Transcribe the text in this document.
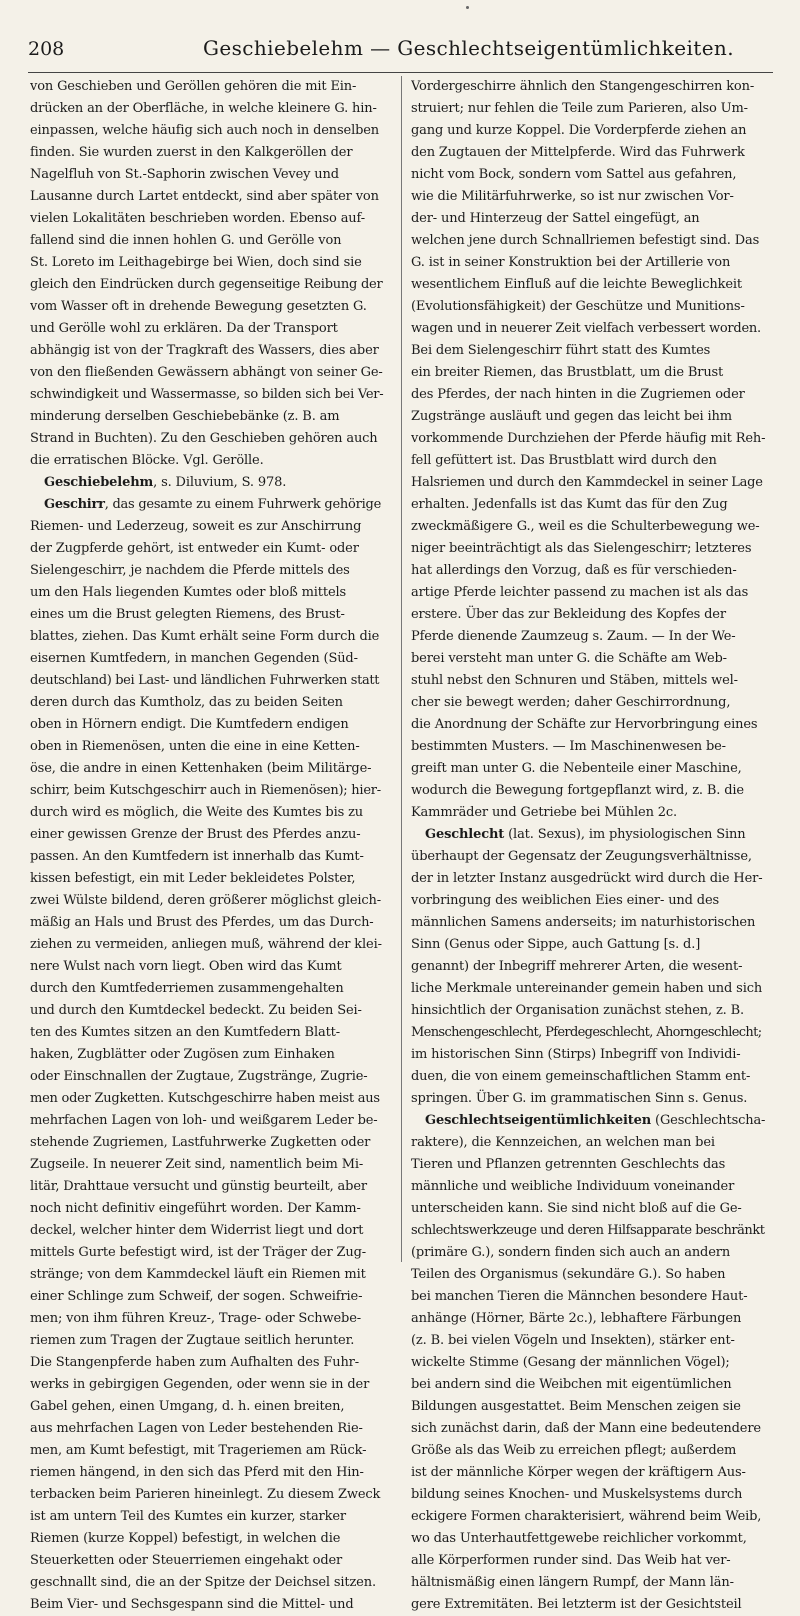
208	Geschiebelehm — Geschlechtseigentümlichkeiten.
von Geschieben und Geröllen gehören die mit Ein-
drücken an der Oberfläche, in welche kleinere G. hin-
einpassen, welche häufig sich auch noch in denselben
finden. Sie wurden zuerst in den Kalkgeröllen der
Nagelfluh von St.-Saphorin zwischen Vevey und
Lausanne durch Lartet entdeckt, sind aber später von
vielen Lokalitäten beschrieben worden. Ebenso auf-
fallend sind die innen hohlen G. und Gerölle von
St. Loreto im Leithagebirge bei Wien, doch sind sie
gleich den Eindrücken durch gegenseitige Reibung der
vom Wasser oft in drehende Bewegung gesetzten G.
und Gerölle wohl zu erklären. Da der Transport
abhängig ist von der Tragkraft des Wassers, dies aber
von den fließenden Gewässern abhängt von seiner Ge-
schwindigkeit und Wassermasse, so bilden sich bei Ver-
minderung derselben Geschiebebänke (z. B. am
Strand in Buchten). Zu den Geschieben gehören auch
die erratischen Blöcke. Vgl. Gerölle.
Geschiebelehm, s. Diluvium, S. 978.
Geschirr, das gesamte zu einem Fuhrwerk gehörige
Riemen- und Lederzeug, soweit es zur Anschirrung
der Zugpferde gehört, ist entweder ein Kumt- oder
Sielengeschirr, je nachdem die Pferde mittels des
um den Hals liegenden Kumtes oder bloß mittels
eines um die Brust gelegten Riemens, des Brust-
blattes, ziehen. Das Kumt erhält seine Form durch die
eisernen Kumtfedern, in manchen Gegenden (Süd-
deutschland) bei Last- und ländlichen Fuhrwerken statt
deren durch das Kumtholz, das zu beiden Seiten
oben in Hörnern endigt. Die Kumtfedern endigen
oben in Riemenösen, unten die eine in eine Ketten-
öse, die andre in einen Kettenhaken (beim Militärge-
schirr, beim Kutschgeschirr auch in Riemenösen); hier-
durch wird es möglich, die Weite des Kumtes bis zu
einer gewissen Grenze der Brust des Pferdes anzu-
passen. An den Kumtfedern ist innerhalb das Kumt-
kissen befestigt, ein mit Leder bekleidetes Polster,
zwei Wülste bildend, deren größerer möglichst gleich-
mäßig an Hals und Brust des Pferdes, um das Durch-
ziehen zu vermeiden, anliegen muß, während der klei-
nere Wulst nach vorn liegt. Oben wird das Kumt
durch den Kumtfederriemen zusammengehalten
und durch den Kumtdeckel bedeckt. Zu beiden Sei-
ten des Kumtes sitzen an den Kumtfedern Blatt-
haken, Zugblätter oder Zugösen zum Einhaken
oder Einschnallen der Zugtaue, Zugstränge, Zugrie-
men oder Zugketten. Kutschgeschirre haben meist aus
mehrfachen Lagen von loh- und weißgarem Leder be-
stehende Zugriemen, Lastfuhrwerke Zugketten oder
Zugseile. In neuerer Zeit sind, namentlich beim Mi-
litär, Drahttaue versucht und günstig beurteilt, aber
noch nicht definitiv eingeführt worden. Der Kamm-
deckel, welcher hinter dem Widerrist liegt und dort
mittels Gurte befestigt wird, ist der Träger der Zug-
stränge; von dem Kammdeckel läuft ein Riemen mit
einer Schlinge zum Schweif, der sogen. Schweifrie-
men; von ihm führen Kreuz-, Trage- oder Schwebe-
riemen zum Tragen der Zugtaue seitlich herunter.
Die Stangenpferde haben zum Aufhalten des Fuhr-
werks in gebirgigen Gegenden, oder wenn sie in der
Gabel gehen, einen Umgang, d. h. einen breiten,
aus mehrfachen Lagen von Leder bestehenden Rie-
men, am Kumt befestigt, mit Trageriemen am Rück-
riemen hängend, in den sich das Pferd mit den Hin-
terbacken beim Parieren hineinlegt. Zu diesem Zweck
ist am untern Teil des Kumtes ein kurzer, starker
Riemen (kurze Koppel) befestigt, in welchen die
Steuerketten oder Steuerriemen eingehakt oder
geschnallt sind, die an der Spitze der Deichsel sitzen.
Beim Vier- und Sechsgespann sind die Mittel- und
Vordergeschirre ähnlich den Stangengeschirren kon-
struiert; nur fehlen die Teile zum Parieren, also Um-
gang und kurze Koppel. Die Vorderpferde ziehen an
den Zugtauen der Mittelpferde. Wird das Fuhrwerk
nicht vom Bock, sondern vom Sattel aus gefahren,
wie die Militärfuhrwerke, so ist nur zwischen Vor-
der- und Hinterzeug der Sattel eingefügt, an
welchen jene durch Schnallriemen befestigt sind. Das
G. ist in seiner Konstruktion bei der Artillerie von
wesentlichem Einfluß auf die leichte Beweglichkeit
(Evolutionsfähigkeit) der Geschütze und Munitions-
wagen und in neuerer Zeit vielfach verbessert worden.
Bei dem Sielengeschirr führt statt des Kumtes
ein breiter Riemen, das Brustblatt, um die Brust
des Pferdes, der nach hinten in die Zugriemen oder
Zugstränge ausläuft und gegen das leicht bei ihm
vorkommende Durchziehen der Pferde häufig mit Reh-
fell gefüttert ist. Das Brustblatt wird durch den
Halsriemen und durch den Kammdeckel in seiner Lage
erhalten. Jedenfalls ist das Kumt das für den Zug
zweckmäßigere G., weil es die Schulterbewegung we-
niger beeinträchtigt als das Sielengeschirr; letzteres
hat allerdings den Vorzug, daß es für verschieden-
artige Pferde leichter passend zu machen ist als das
erstere. Über das zur Bekleidung des Kopfes der
Pferde dienende Zaumzeug s. Zaum. — In der We-
berei versteht man unter G. die Schäfte am Web-
stuhl nebst den Schnuren und Stäben, mittels wel-
cher sie bewegt werden; daher Geschirrordnung,
die Anordnung der Schäfte zur Hervorbringung eines
bestimmten Musters. — Im Maschinenwesen be-
greift man unter G. die Nebenteile einer Maschine,
wodurch die Bewegung fortgepflanzt wird, z. B. die
Kammräder und Getriebe bei Mühlen 2c.
Geschlecht (lat. Sexus), im physiologischen Sinn
überhaupt der Gegensatz der Zeugungsverhältnisse,
der in letzter Instanz ausgedrückt wird durch die Her-
vorbringung des weiblichen Eies einer- und des
männlichen Samens anderseits; im naturhistorischen
Sinn (Genus oder Sippe, auch Gattung [s. d.]
genannt) der Inbegriff mehrerer Arten, die wesent-
liche Merkmale untereinander gemein haben und sich
hinsichtlich der Organisation zunächst stehen, z. B.
Menschengeschlecht, Pferdegeschlecht, Ahorngeschlecht;
im historischen Sinn (Stirps) Inbegriff von Individi-
duen, die von einem gemeinschaftlichen Stamm ent-
springen. Über G. im grammatischen Sinn s. Genus.
Geschlechtseigentümlichkeiten (Geschlechtscha-
raktere), die Kennzeichen, an welchen man bei
Tieren und Pflanzen getrennten Geschlechts das
männliche und weibliche Individuum voneinander
unterscheiden kann. Sie sind nicht bloß auf die Ge-
schlechtswerkzeuge und deren Hilfsapparate beschränkt
(primäre G.), sondern finden sich auch an andern
Teilen des Organismus (sekundäre G.). So haben
bei manchen Tieren die Männchen besondere Haut-
anhänge (Hörner, Bärte 2c.), lebhaftere Färbungen
(z. B. bei vielen Vögeln und Insekten), stärker ent-
wickelte Stimme (Gesang der männlichen Vögel);
bei andern sind die Weibchen mit eigentümlichen
Bildungen ausgestattet. Beim Menschen zeigen sie
sich zunächst darin, daß der Mann eine bedeutendere
Größe als das Weib zu erreichen pflegt; außerdem
ist der männliche Körper wegen der kräftigern Aus-
bildung seines Knochen- und Muskelsystems durch
eckigere Formen charakterisiert, während beim Weib,
wo das Unterhautfettgewebe reichlicher vorkommt,
alle Körperformen runder sind. Das Weib hat ver-
hältnismäßig einen längern Rumpf, der Mann län-
gere Extremitäten. Bei letzterm ist der Gesichtsteil
